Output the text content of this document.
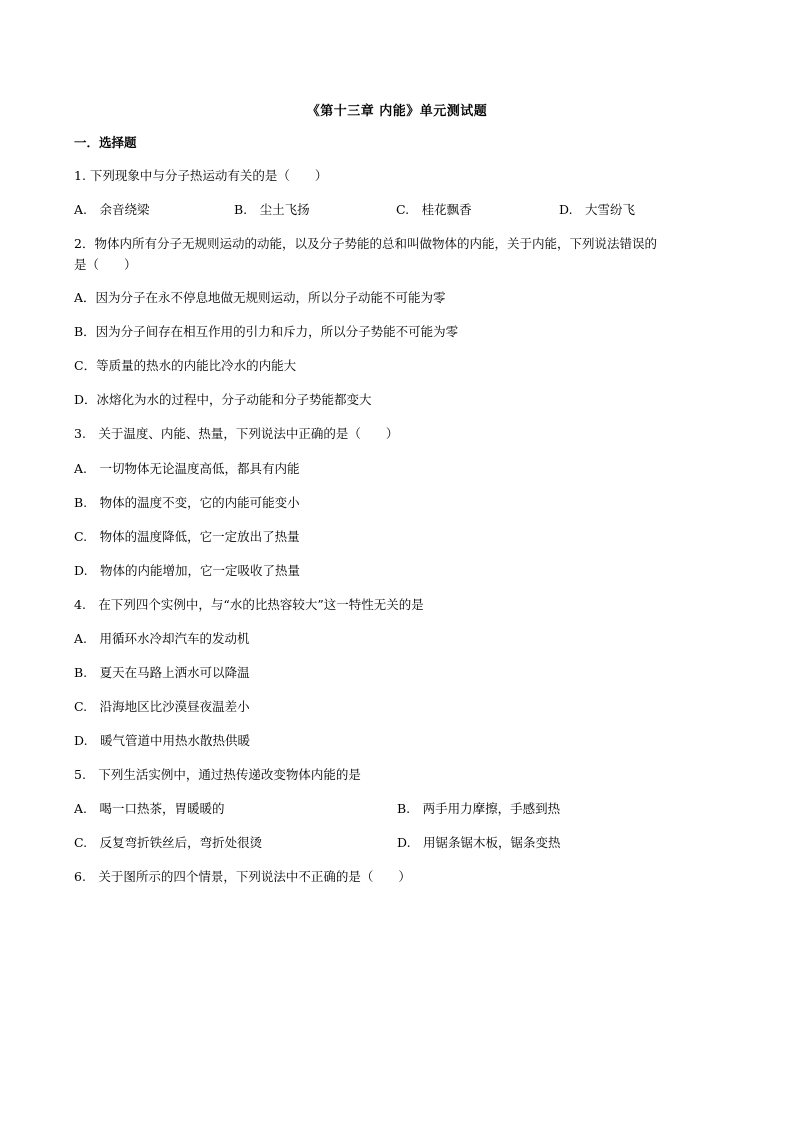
《第十三章 内能》单元测试题
一．选择题
1. 下列现象中与分子热运动有关的是（　　）
A.　余音绕梁	B.　尘土飞扬	C.　桂花飘香	D.　大雪纷飞
2．物体内所有分子无规则运动的动能，以及分子势能的总和叫做物体的内能，关于内能，下列说法错误的
是（　　）
A．因为分子在永不停息地做无规则运动，所以分子动能不可能为零
B．因为分子间存在相互作用的引力和斥力，所以分子势能不可能为零
C．等质量的热水的内能比冷水的内能大
D．冰熔化为水的过程中，分子动能和分子势能都变大
3.　关于温度、内能、热量，下列说法中正确的是（　　）
A.　一切物体无论温度高低，都具有内能
B.　物体的温度不变，它的内能可能变小
C.　物体的温度降低，它一定放出了热量
D.　物体的内能增加，它一定吸收了热量
4.　在下列四个实例中，与“水的比热容较大”这一特性无关的是
A.　用循环水冷却汽车的发动机
B.　夏天在马路上洒水可以降温
C.　沿海地区比沙漠昼夜温差小
D.　暖气管道中用热水散热供暖
5.　下列生活实例中，通过热传递改变物体内能的是
A.　喝一口热茶，胃暖暖的	B.　两手用力摩擦，手感到热
C.　反复弯折铁丝后，弯折处很烫	D.　用锯条锯木板，锯条变热
6.　关于图所示的四个情景，下列说法中不正确的是（　　）
